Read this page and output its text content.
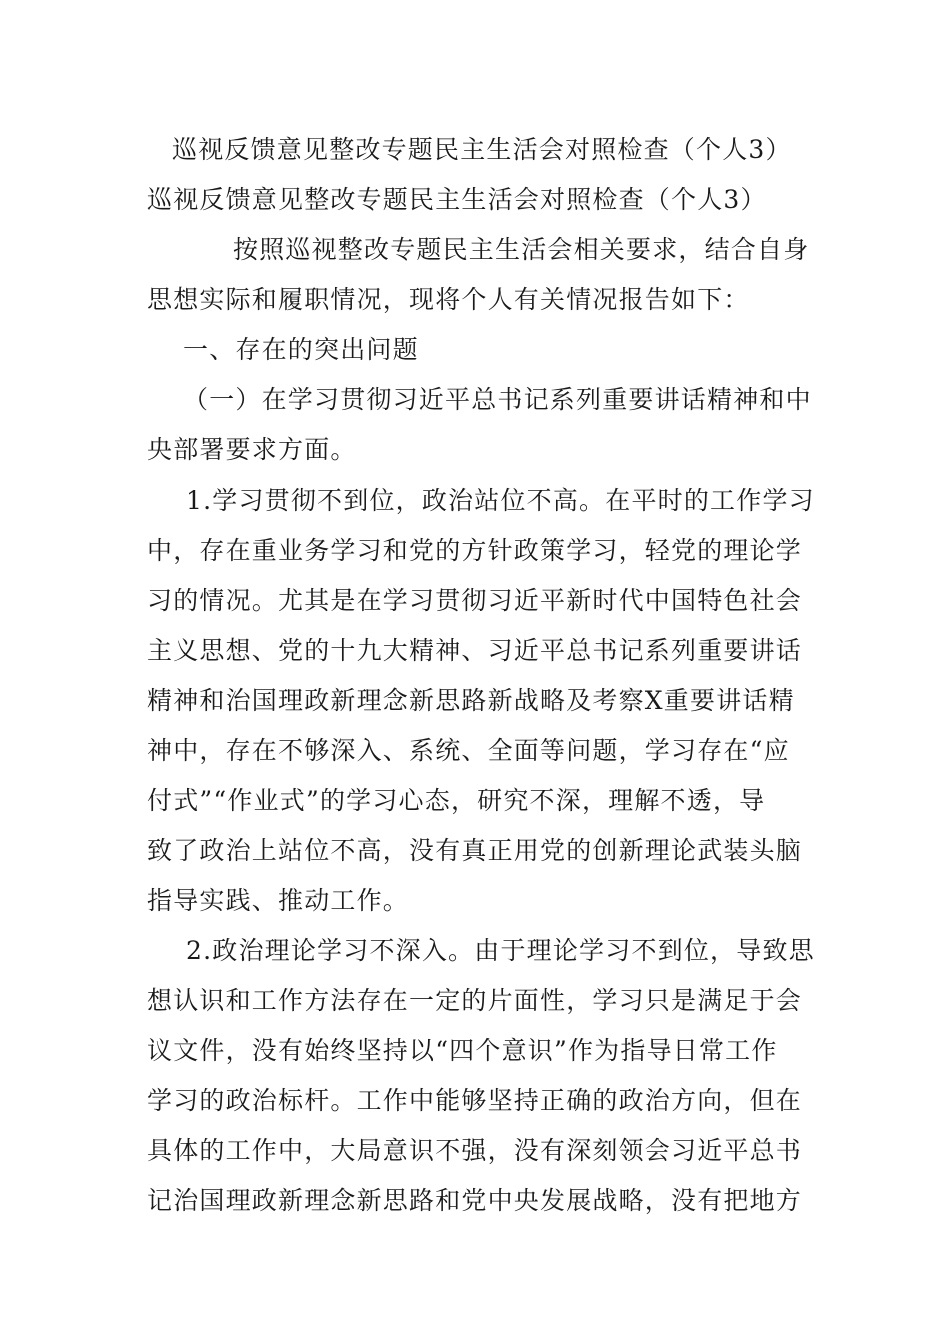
巡视反馈意见整改专题民主生活会对照检查（个人3）
巡视反馈意见整改专题民主生活会对照检查（个人3）
按照巡视整改专题民主生活会相关要求，结合自身
思想实际和履职情况，现将个人有关情况报告如下：
一、存在的突出问题
（一）在学习贯彻习近平总书记系列重要讲话精神和中
央部署要求方面。
1.学习贯彻不到位，政治站位不高。在平时的工作学习
中，存在重业务学习和党的方针政策学习，轻党的理论学
习的情况。尤其是在学习贯彻习近平新时代中国特色社会
主义思想、党的十九大精神、习近平总书记系列重要讲话
精神和治国理政新理念新思路新战略及考察X重要讲话精
神中，存在不够深入、系统、全面等问题，学习存在“应
付式”“作业式”的学习心态，研究不深，理解不透，导
致了政治上站位不高，没有真正用党的创新理论武装头脑
指导实践、推动工作。
2.政治理论学习不深入。由于理论学习不到位，导致思
想认识和工作方法存在一定的片面性，学习只是满足于会
议文件，没有始终坚持以“四个意识”作为指导日常工作
学习的政治标杆。工作中能够坚持正确的政治方向，但在
具体的工作中，大局意识不强，没有深刻领会习近平总书
记治国理政新理念新思路和党中央发展战略，没有把地方
